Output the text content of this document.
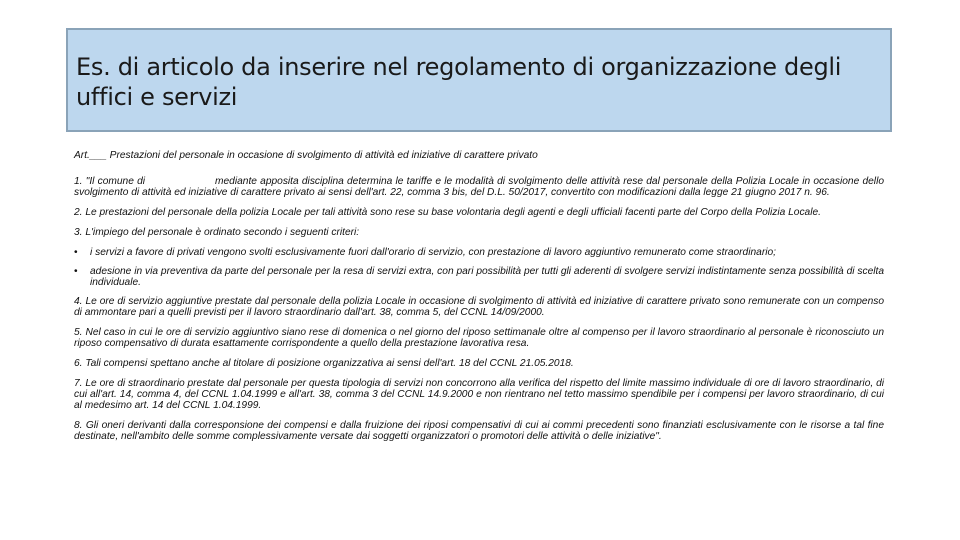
Es. di articolo da inserire nel regolamento di organizzazione degli uffici e servizi
Art.___ Prestazioni del personale in occasione di svolgimento di attività ed iniziative di carattere privato

1. "Il comune di	mediante apposita disciplina determina le tariffe e le modalità di svolgimento delle attività rese dal personale della Polizia Locale in occasione dello svolgimento di attività ed iniziative di carattere privato ai sensi dell'art. 22, comma 3 bis, del D.L. 50/2017, convertito con modificazioni dalla legge 21 giugno 2017 n. 96.

2. Le prestazioni del personale della polizia Locale per tali attività sono rese su base volontaria degli agenti e degli ufficiali facenti parte del Corpo della Polizia Locale.

3. L'impiego del personale è ordinato secondo i seguenti criteri:

•	i servizi a favore di privati vengono svolti esclusivamente fuori dall'orario di servizio, con prestazione di lavoro aggiuntivo remunerato come straordinario;
•	adesione in via preventiva da parte del personale per la resa di servizi extra, con pari possibilità per tutti gli aderenti di svolgere servizi indistintamente senza possibilità di scelta individuale.

4. Le ore di servizio aggiuntive prestate dal personale della polizia Locale in occasione di svolgimento di attività ed iniziative di carattere privato sono remunerate con un compenso di ammontare pari a quelli previsti per il lavoro straordinario dall'art. 38, comma 5, del CCNL 14/09/2000.

5. Nel caso in cui le ore di servizio aggiuntivo siano rese di domenica o nel giorno del riposo settimanale oltre al compenso per il lavoro straordinario al personale è riconosciuto un riposo compensativo di durata esattamente corrispondente a quello della prestazione lavorativa resa.

6. Tali compensi spettano anche al titolare di posizione organizzativa ai sensi dell'art. 18 del CCNL 21.05.2018.

7. Le ore di straordinario prestate dal personale per questa tipologia di servizi non concorrono alla verifica del rispetto del limite massimo individuale di ore di lavoro straordinario, di cui all'art. 14, comma 4, del CCNL 1.04.1999 e all'art. 38, comma 3 del CCNL 14.9.2000 e non rientrano nel tetto massimo spendibile per i compensi per lavoro straordinario, di cui al medesimo art. 14 del CCNL 1.04.1999.

8. Gli oneri derivanti dalla corresponsione dei compensi e dalla fruizione dei riposi compensativi di cui ai commi precedenti sono finanziati esclusivamente con le risorse a tal fine destinate, nell'ambito delle somme complessivamente versate dai soggetti organizzatori o promotori delle attività o delle iniziative".
